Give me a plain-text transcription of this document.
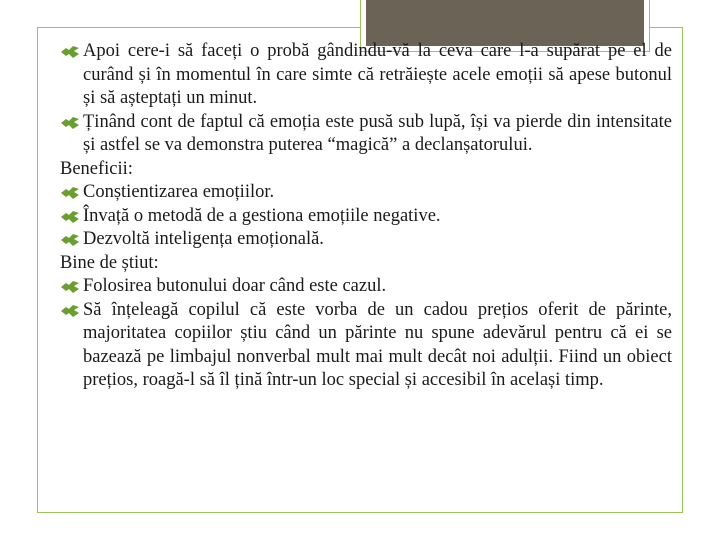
Apoi cere-i să faceți o probă gândindu-vă la ceva care l-a supărat pe el de curând și în momentul în care simte că retrăiește acele emoții să apese butonul și să așteptați un minut.
Ținând cont de faptul că emoția este pusă sub lupă, își va pierde din intensitate și astfel se va demonstra puterea “magică” a declanșatorului.
Beneficii:
Conștientizarea emoțiilor.
Învață o metodă de a gestiona emoțiile negative.
Dezvoltă inteligența emoțională.
Bine de știut:
Folosirea butonului doar când este cazul.
Să înțeleagă copilul că este vorba de un cadou prețios oferit de părinte, majoritatea copiilor știu când un părinte nu spune adevărul pentru că ei se bazează pe limbajul nonverbal mult mai mult decât noi adulții. Fiind un obiect prețios, roagă-l să îl țină într-un loc special și accesibil în același timp.
